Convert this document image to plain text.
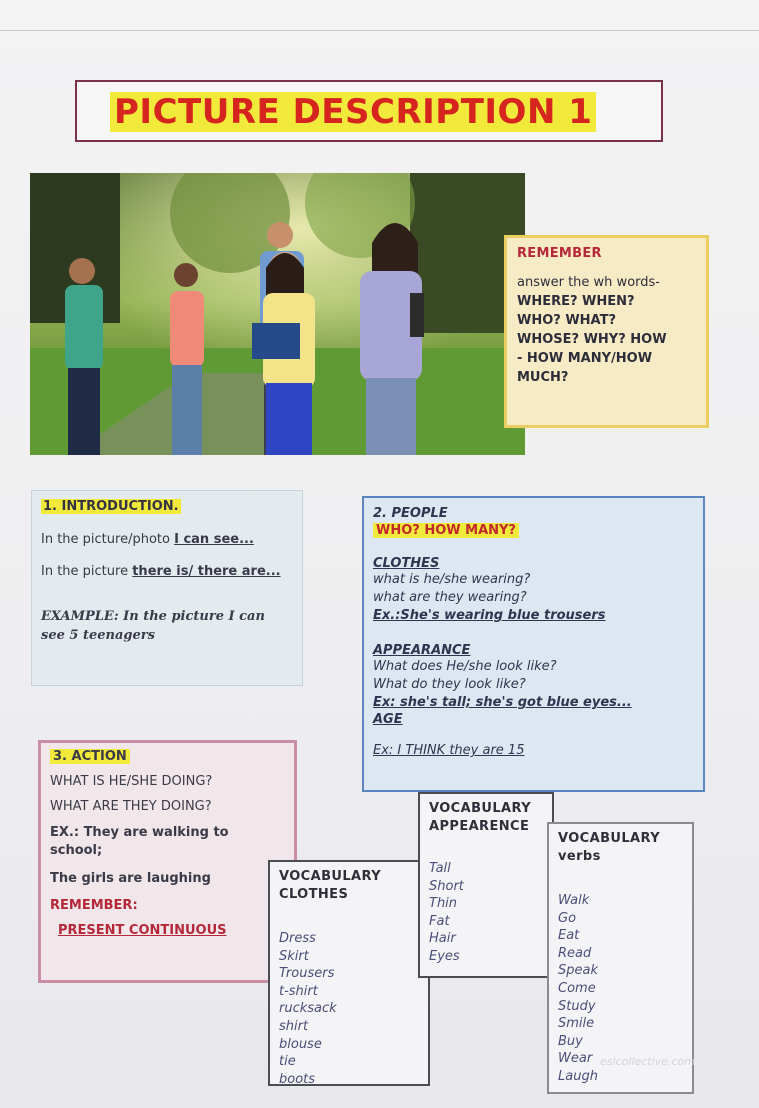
PICTURE DESCRIPTION 1
REMEMBER
answer the wh words-
WHERE? WHEN?
WHO? WHAT?
WHOSE? WHY? HOW
- HOW MANY/HOW
MUCH?
1. INTRODUCTION.
In the picture/photo I can see...
In the picture there is/ there are...
EXAMPLE: In the picture I can see 5 teenagers
2. PEOPLE
WHO? HOW MANY?
CLOTHES
what is he/she wearing?
what are they wearing?
Ex.:She's wearing blue trousers
APPEARANCE
What does He/she look like?
What do they look like?
Ex: she's tall; she's got blue eyes...
AGE
Ex: I THINK they are 15
3. ACTION
WHAT IS HE/SHE DOING?
WHAT ARE THEY DOING?
EX.: They are walking to school;
The girls are laughing
REMEMBER:
PRESENT CONTINUOUS
VOCABULARY
CLOTHES
Dress
Skirt
Trousers
t-shirt
rucksack
shirt
blouse
tie
boots
VOCABULARY
APPEARENCE
Tall
Short
Thin
Fat
Hair
Eyes
VOCABULARY
verbs
Walk
Go
Eat
Read
Speak
Come
Study
Smile
Buy
Wear
Laugh
eslcollective.com
